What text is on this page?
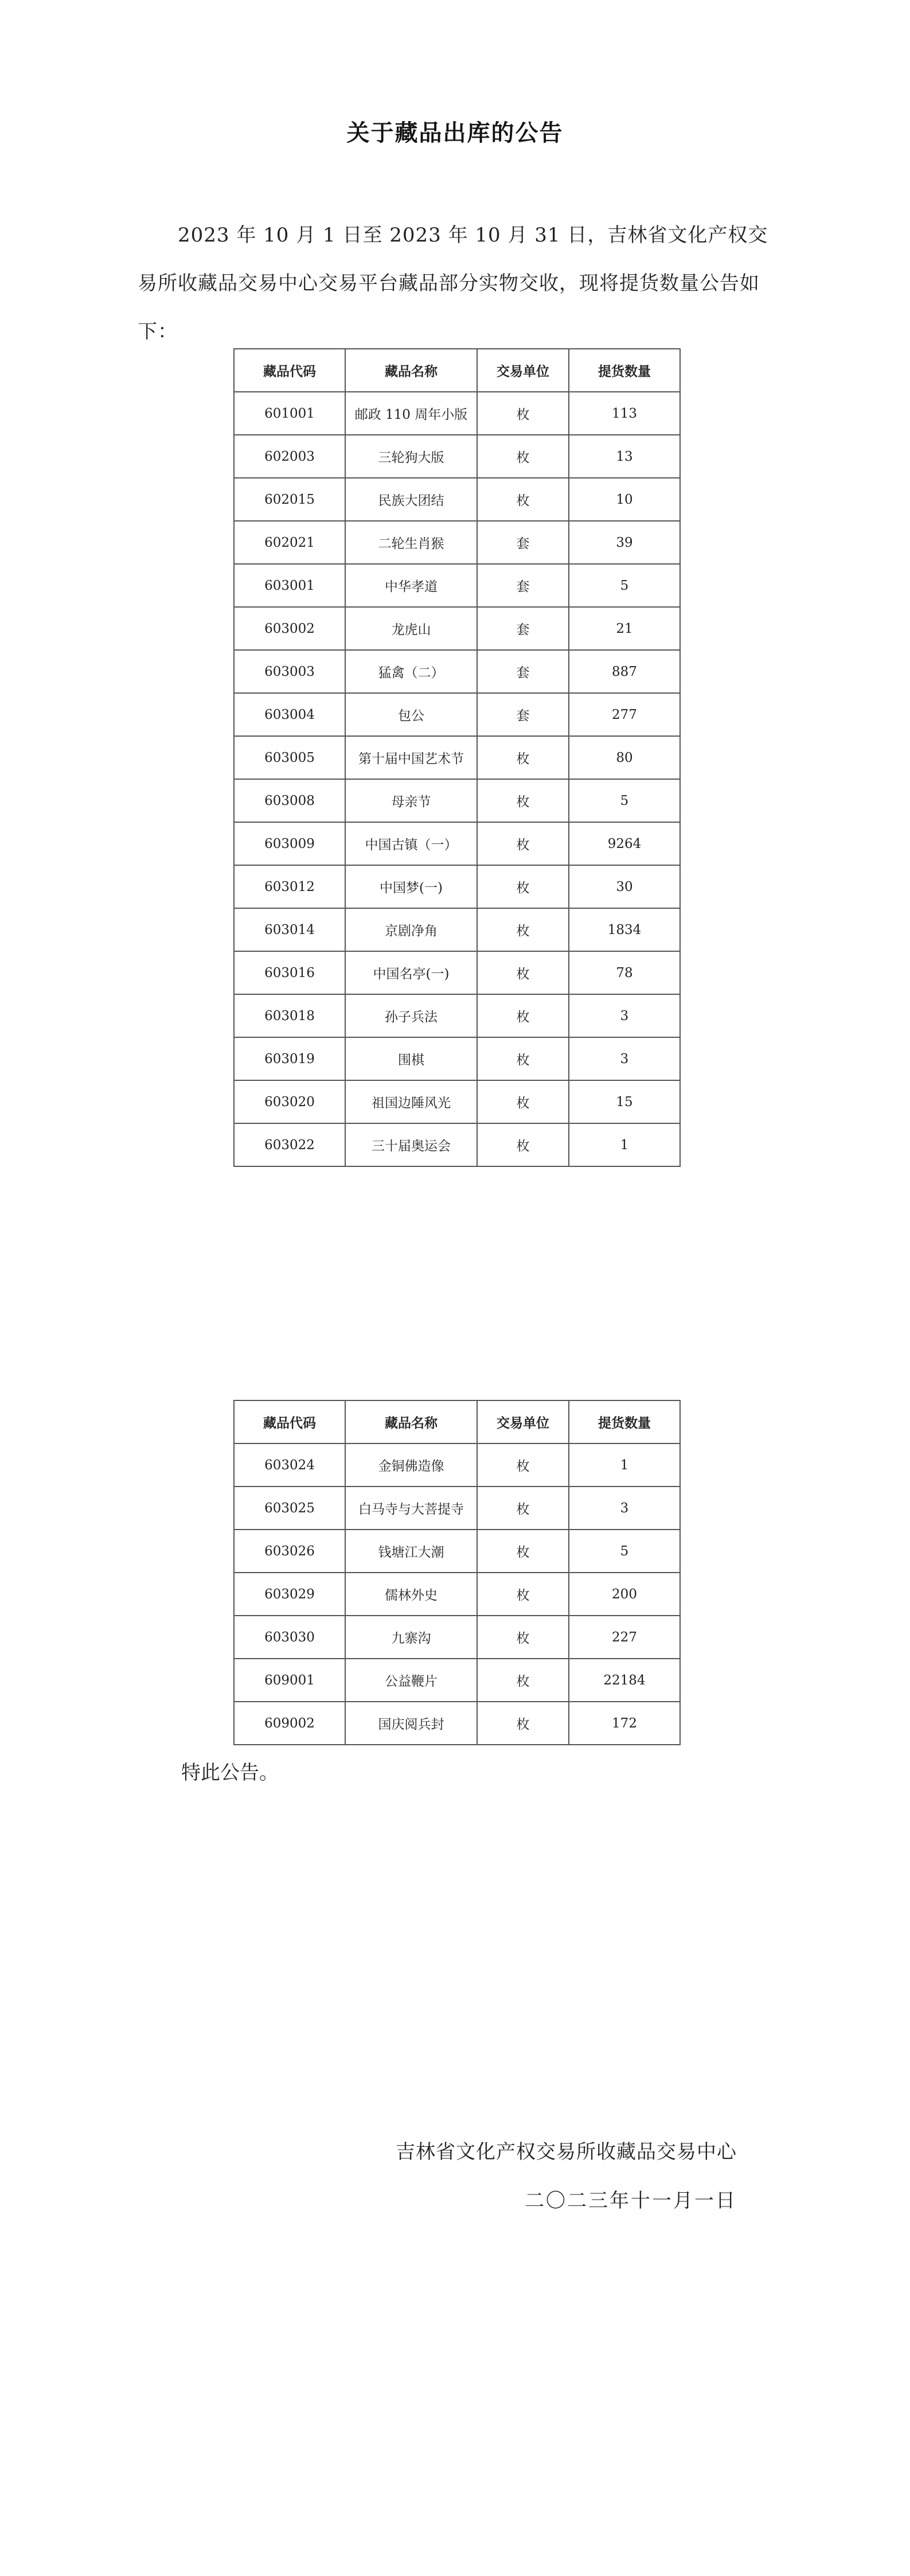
关于藏品出库的公告

2023 年 10 月 1 日至 2023 年 10 月 31 日，吉林省文化产权交易所收藏品交易中心交易平台藏品部分实物交收，现将提货数量公告如下：

藏品代码	藏品名称	交易单位	提货数量
601001	邮政 110 周年小版	枚	113
602003	三轮狗大版	枚	13
602015	民族大团结	枚	10
602021	二轮生肖猴	套	39
603001	中华孝道	套	5
603002	龙虎山	套	21
603003	猛禽（二）	套	887
603004	包公	套	277
603005	第十届中国艺术节	枚	80
603008	母亲节	枚	5
603009	中国古镇（一）	枚	9264
603012	中国梦(一)	枚	30
603014	京剧净角	枚	1834
603016	中国名亭(一)	枚	78
603018	孙子兵法	枚	3
603019	围棋	枚	3
603020	祖国边陲风光	枚	15
603022	三十届奥运会	枚	1
藏品代码	藏品名称	交易单位	提货数量
603024	金铜佛造像	枚	1
603025	白马寺与大菩提寺	枚	3
603026	钱塘江大潮	枚	5
603029	儒林外史	枚	200
603030	九寨沟	枚	227
609001	公益鞭片	枚	22184
609002	国庆阅兵封	枚	172
特此公告。
吉林省文化产权交易所收藏品交易中心
二〇二三年十一月一日
